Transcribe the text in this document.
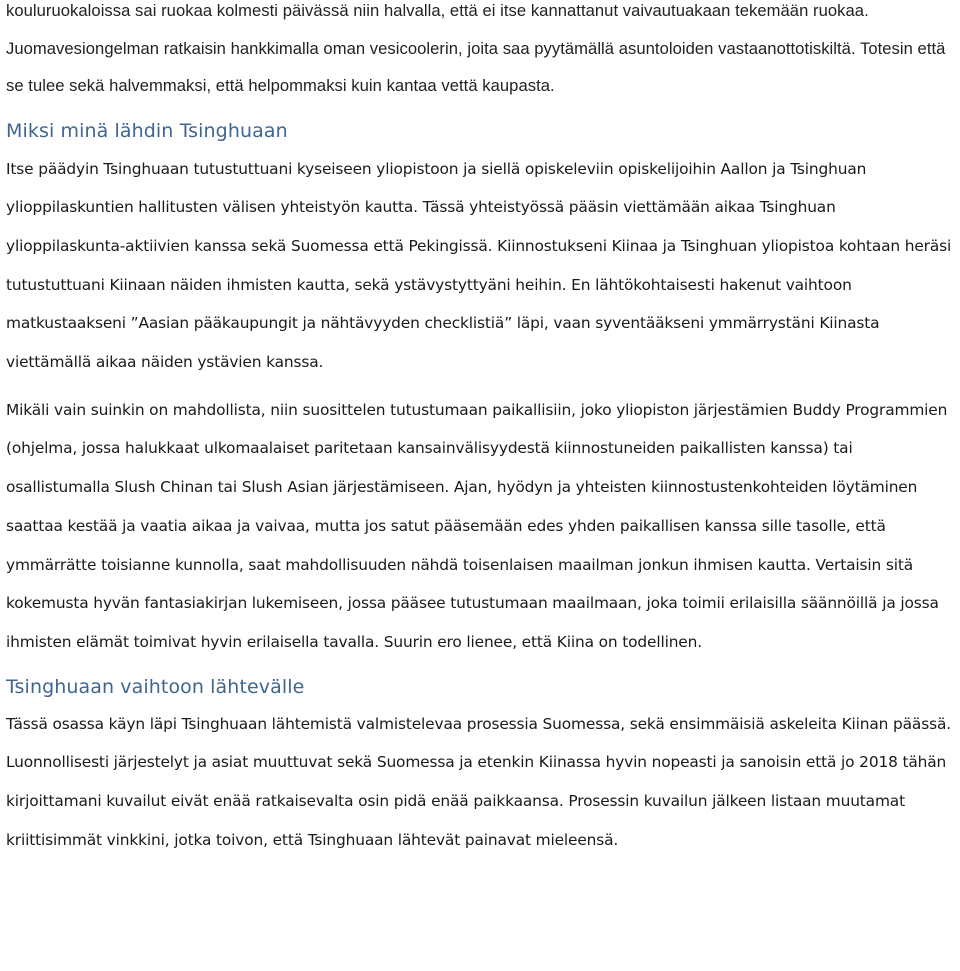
kouluruokaloissa sai ruokaa kolmesti päivässä niin halvalla, että ei itse kannattanut vaivautuakaan tekemään ruokaa. Juomavesiongelman ratkaisin hankkimalla oman vesicoolerin, joita saa pyytämällä asuntoloiden vastaanottotiskiltä. Totesin että se tulee sekä halvemmaksi, että helpommaksi kuin kantaa vettä kaupasta.

Miksi minä lähdin Tsinghuaan

Itse päädyin Tsinghuaan tutustuttuani kyseiseen yliopistoon ja siellä opiskeleviin opiskelijoihin Aallon ja Tsinghuan ylioppilaskuntien hallitusten välisen yhteistyön kautta. Tässä yhteistyössä pääsin viettämään aikaa Tsinghuan ylioppilaskunta-aktiivien kanssa sekä Suomessa että Pekingissä. Kiinnostukseni Kiinaa ja Tsinghuan yliopistoa kohtaan heräsi tutustuttuani Kiinaan näiden ihmisten kautta, sekä ystävystyttyäni heihin. En lähtökohtaisesti hakenut vaihtoon matkustaakseni ”Aasian pääkaupungit ja nähtävyyden checklistiä” läpi, vaan syventääkseni ymmärrystäni Kiinasta viettämällä aikaa näiden ystävien kanssa.

Mikäli vain suinkin on mahdollista, niin suosittelen tutustumaan paikallisiin, joko yliopiston järjestämien Buddy Programmien (ohjelma, jossa halukkaat ulkomaalaiset paritetaan kansainvälisyydestä kiinnostuneiden paikallisten kanssa) tai osallistumalla Slush Chinan tai Slush Asian järjestämiseen. Ajan, hyödyn ja yhteisten kiinnostustenkohteiden löytäminen saattaa kestää ja vaatia aikaa ja vaivaa, mutta jos satut pääsemään edes yhden paikallisen kanssa sille tasolle, että ymmärrätte toisianne kunnolla, saat mahdollisuuden nähdä toisenlaisen maailman jonkun ihmisen kautta. Vertaisin sitä kokemusta hyvän fantasiakirjan lukemiseen, jossa pääsee tutustumaan maailmaan, joka toimii erilaisilla säännöillä ja jossa ihmisten elämät toimivat hyvin erilaisella tavalla. Suurin ero lienee, että Kiina on todellinen.

Tsinghuaan vaihtoon lähtevälle

Tässä osassa käyn läpi Tsinghuaan lähtemistä valmistelevaa prosessia Suomessa, sekä ensimmäisiä askeleita Kiinan päässä. Luonnollisesti järjestelyt ja asiat muuttuvat sekä Suomessa ja etenkin Kiinassa hyvin nopeasti ja sanoisin että jo 2018 tähän kirjoittamani kuvailut eivät enää ratkaisevalta osin pidä enää paikkaansa. Prosessin kuvailun jälkeen listaan muutamat kriittisimmät vinkkini, jotka toivon, että Tsinghuaan lähtevät painavat mieleensä.
